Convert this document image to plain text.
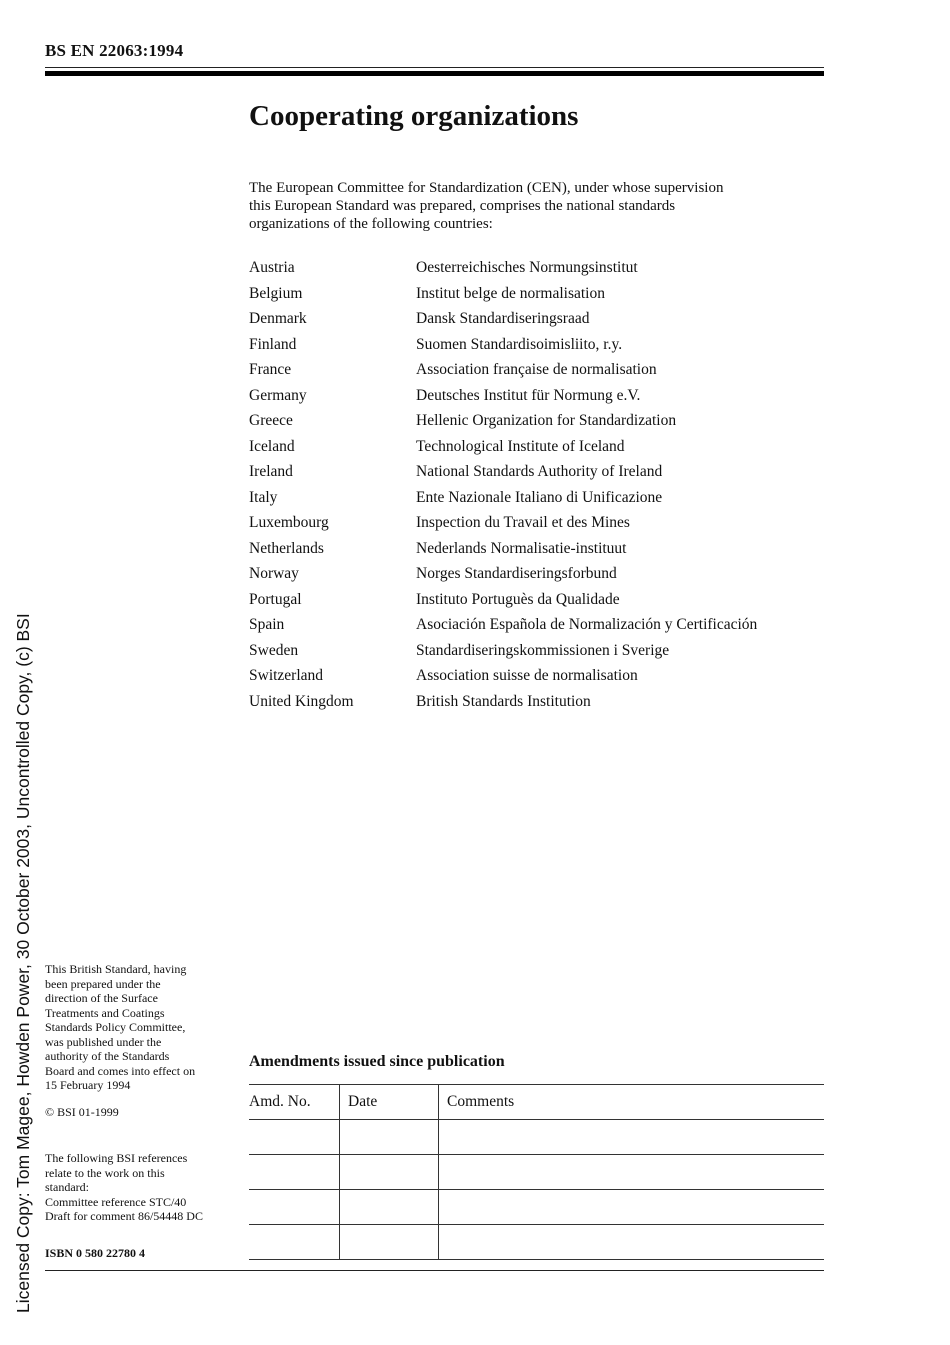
BS EN 22063:1994
Cooperating organizations

The European Committee for Standardization (CEN), under whose supervision
this European Standard was prepared, comprises the national standards
organizations of the following countries:

Austria	Oesterreichisches Normungsinstitut
Belgium	Institut belge de normalisation
Denmark	Dansk Standardiseringsraad
Finland	Suomen Standardisoimisliito, r.y.
France	Association française de normalisation
Germany	Deutsches Institut für Normung e.V.
Greece	Hellenic Organization for Standardization
Iceland	Technological Institute of Iceland
Ireland	National Standards Authority of Ireland
Italy	Ente Nazionale Italiano di Unificazione
Luxembourg	Inspection du Travail et des Mines
Netherlands	Nederlands Normalisatie-instituut
Norway	Norges Standardiseringsforbund
Portugal	Instituto Portuguès da Qualidade
Spain	Asociación Española de Normalización y Certificación
Sweden	Standardiseringskommissionen i Sverige
Switzerland	Association suisse de normalisation
United Kingdom	British Standards Institution

This British Standard, having
been prepared under the
direction of the Surface
Treatments and Coatings
Standards Policy Committee,
was published under the
authority of the Standards
Board and comes into effect on
15 February 1994

© BSI 01-1999

The following BSI references
relate to the work on this
standard:
Committee reference STC/40
Draft for comment 86/54448 DC

ISBN 0 580 22780 4
Amendments issued since publication
Amd. No.	Date	Comments

Licensed Copy: Tom Magee, Howden Power, 30 October 2003, Uncontrolled Copy, (c) BSI
